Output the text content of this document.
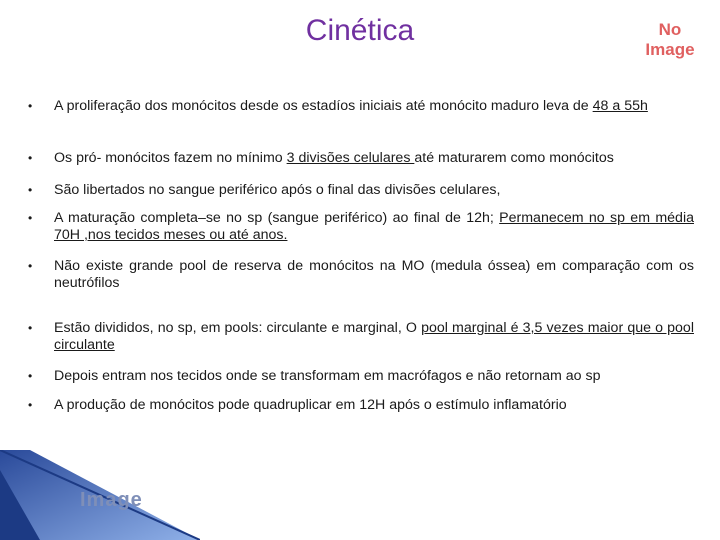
Cinética	No
Image
•	A proliferação dos monócitos desde os estadíos iniciais até monócito maduro leva de 48 a 55h
•	Os pró- monócitos fazem no mínimo 3 divisões celulares até maturarem como monócitos
•	São libertados no sangue periférico após o final das divisões celulares,
•	A maturação completa–se no sp (sangue periférico) ao final de 12h; Permanecem no sp em média 70H ,nos tecidos meses ou até anos.
•	Não existe grande pool de reserva de monócitos na MO (medula óssea) em comparação com os neutrófilos
•	Estão divididos, no sp, em pools: circulante e marginal, O pool marginal é 3,5 vezes maior que o pool circulante
•	Depois entram nos tecidos onde se transformam em macrófagos e não retornam ao sp
•	A produção de monócitos pode quadruplicar em 12H após o estímulo inflamatório
Image
